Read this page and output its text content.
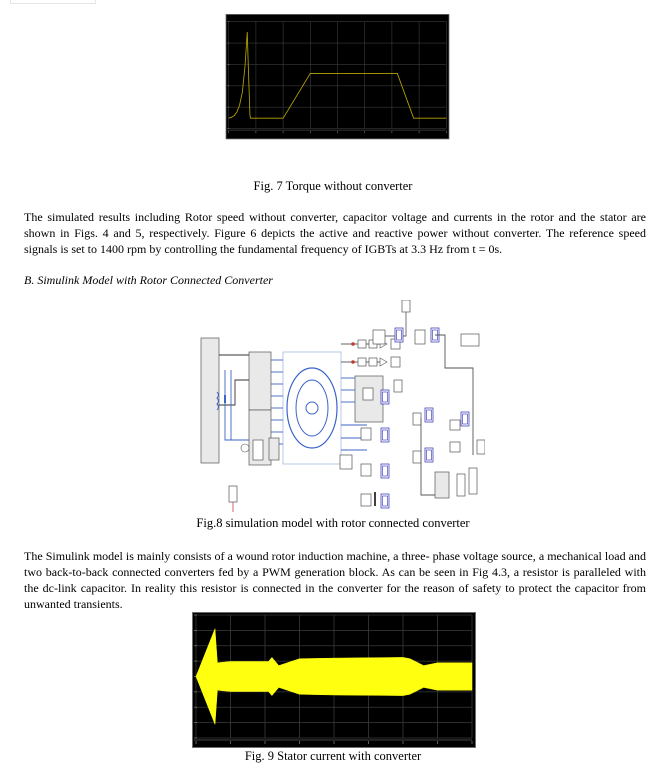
Fig. 7 Torque without converter
The simulated results including Rotor speed without converter, capacitor voltage and currents in the rotor and the stator are shown in Figs. 4 and 5, respectively. Figure 6 depicts the active and reactive power without converter. The reference speed signals is set to 1400 rpm by controlling the fundamental frequency of IGBTs at 3.3 Hz from t = 0s.
B. Simulink Model with Rotor Connected Converter
Fig.8 simulation model with rotor connected converter
The Simulink model is mainly consists of a wound rotor induction machine, a three- phase voltage source, a mechanical load and two back-to-back connected converters fed by a PWM generation block. As can be seen in Fig 4.3, a resistor is paralleled with the dc-link capacitor. In reality this resistor is connected in the converter for the reason of safety to protect the capacitor from unwanted transients.
Fig. 9 Stator current with converter
